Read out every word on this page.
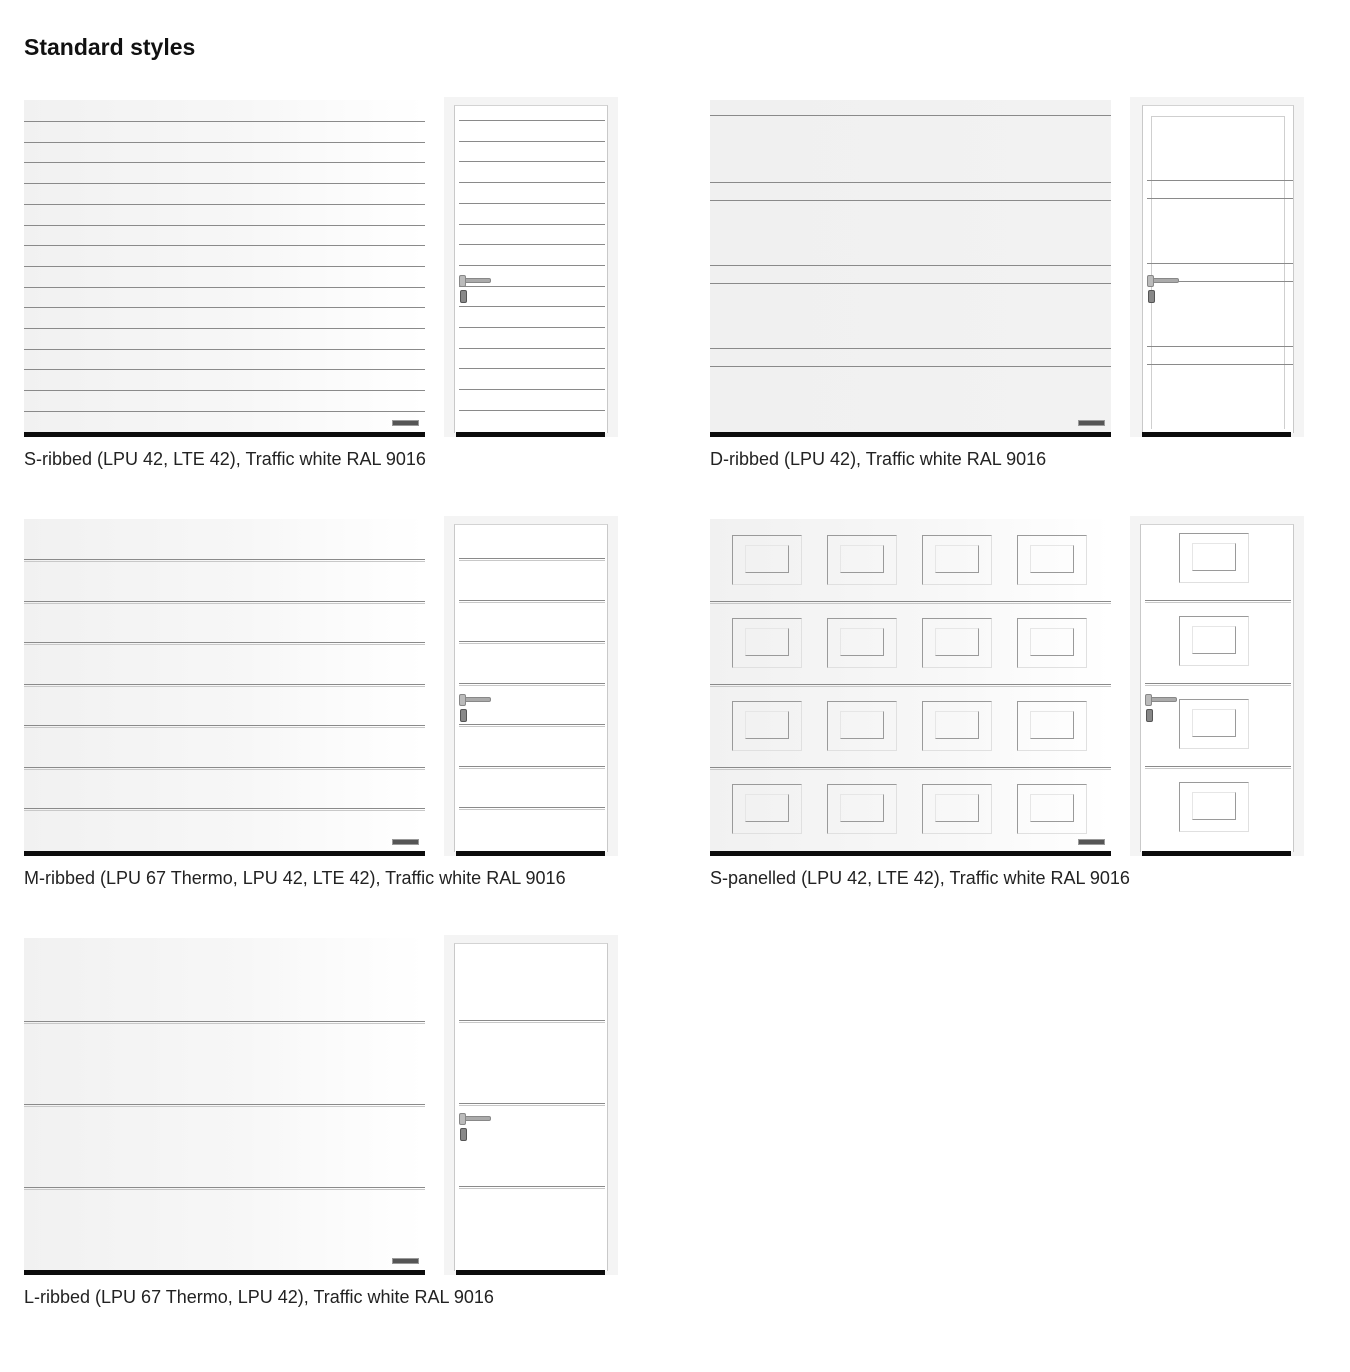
Standard styles
S-ribbed (LPU 42, LTE 42), Traffic white RAL 9016	D-ribbed (LPU 42), Traffic white RAL 9016
M-ribbed (LPU 67 Thermo, LPU 42, LTE 42), Traffic white RAL 9016	S-panelled (LPU 42, LTE 42), Traffic white RAL 9016
L-ribbed (LPU 67 Thermo, LPU 42), Traffic white RAL 9016
